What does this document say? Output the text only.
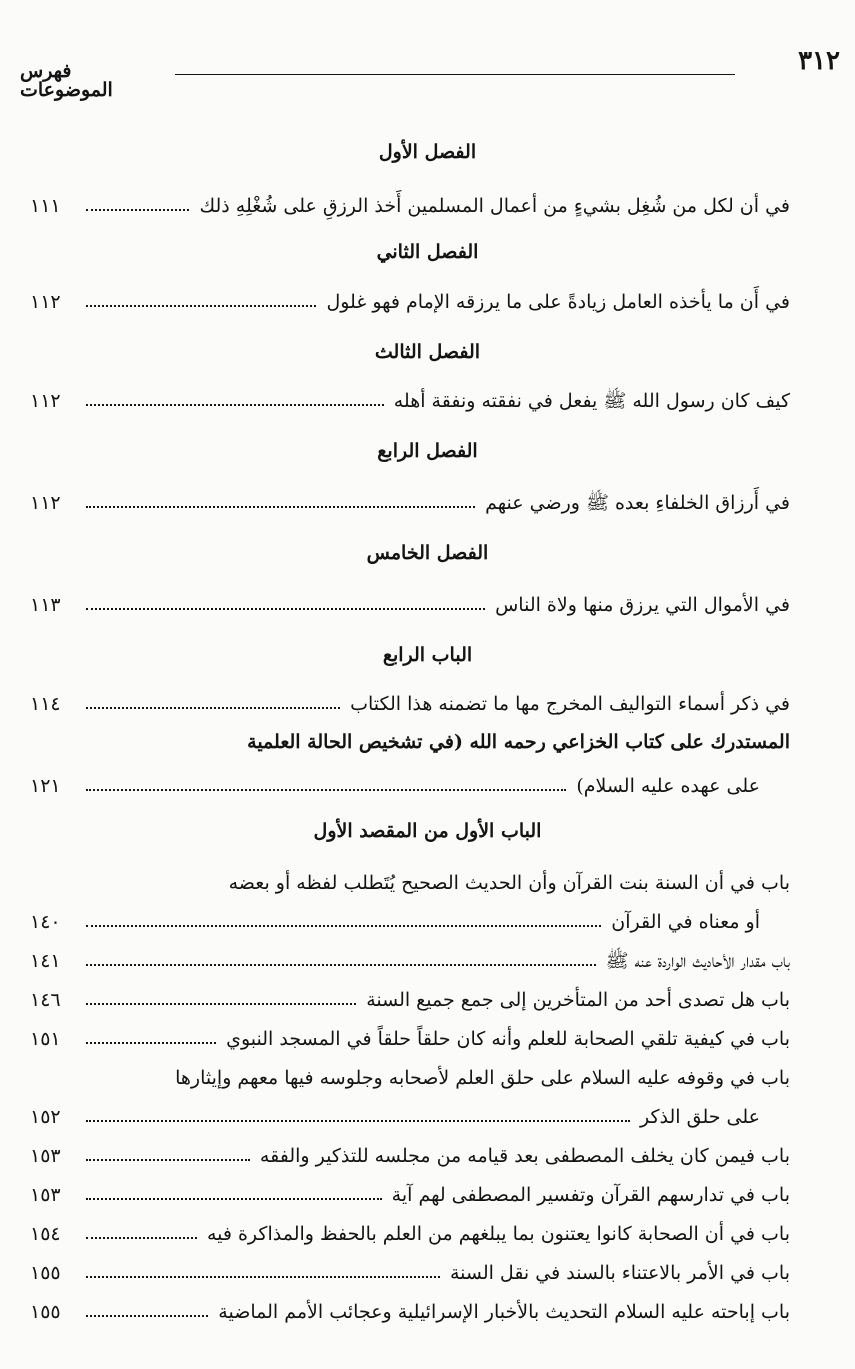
٣١٢
فهرس الموضوعات
الفصل الأول
في أن لكل من شُغِل بشيءٍ من أعمال المسلمين أَخذ الرزقِ على شُغْلِهِ ذلك
١١١
الفصل الثاني
في أَن ما يأخذه العامل زيادةً على ما يرزقه الإمام فهو غلول
١١٢
الفصل الثالث
كيف كان رسول الله ﷺ يفعل في نفقته ونفقة أهله
١١٢
الفصل الرابع
في أَرزاق الخلفاءِ بعده ﷺ ورضي عنهم
١١٢
الفصل الخامس
في الأموال التي يرزق منها ولاة الناس
١١٣
الباب الرابع
في ذكر أسماء التواليف المخرج مها ما تضمنه هذا الكتاب
١١٤
المستدرك على كتاب الخزاعي رحمه الله (في تشخيص الحالة العلمية
على عهده عليه السلام)
١٢١
الباب الأول من المقصد الأول
باب في أن السنة بنت القرآن وأن الحديث الصحيح يُتَطلب لفظه أو بعضه
أو معناه في القرآن
١٤٠
باب مقدار الأحاديث الواردة عنه ﷺ
١٤١
باب هل تصدى أحد من المتأخرين إلى جمع جميع السنة
١٤٦
باب في كيفية تلقي الصحابة للعلم وأنه كان حلقاً حلقاً في المسجد النبوي
١٥١
باب في وقوفه عليه السلام على حلق العلم لأصحابه وجلوسه فيها معهم وإيثارها
على حلق الذكر
١٥٢
باب فيمن كان يخلف المصطفى بعد قيامه من مجلسه للتذكير والفقه
١٥٣
باب في تدارسهم القرآن وتفسير المصطفى لهم آية
١٥٣
باب في أن الصحابة كانوا يعتنون بما يبلغهم من العلم بالحفظ والمذاكرة فيه
١٥٤
باب في الأمر بالاعتناء بالسند في نقل السنة
١٥٥
باب إباحته عليه السلام التحديث بالأخبار الإسرائيلية وعجائب الأمم الماضية
١٥٥
